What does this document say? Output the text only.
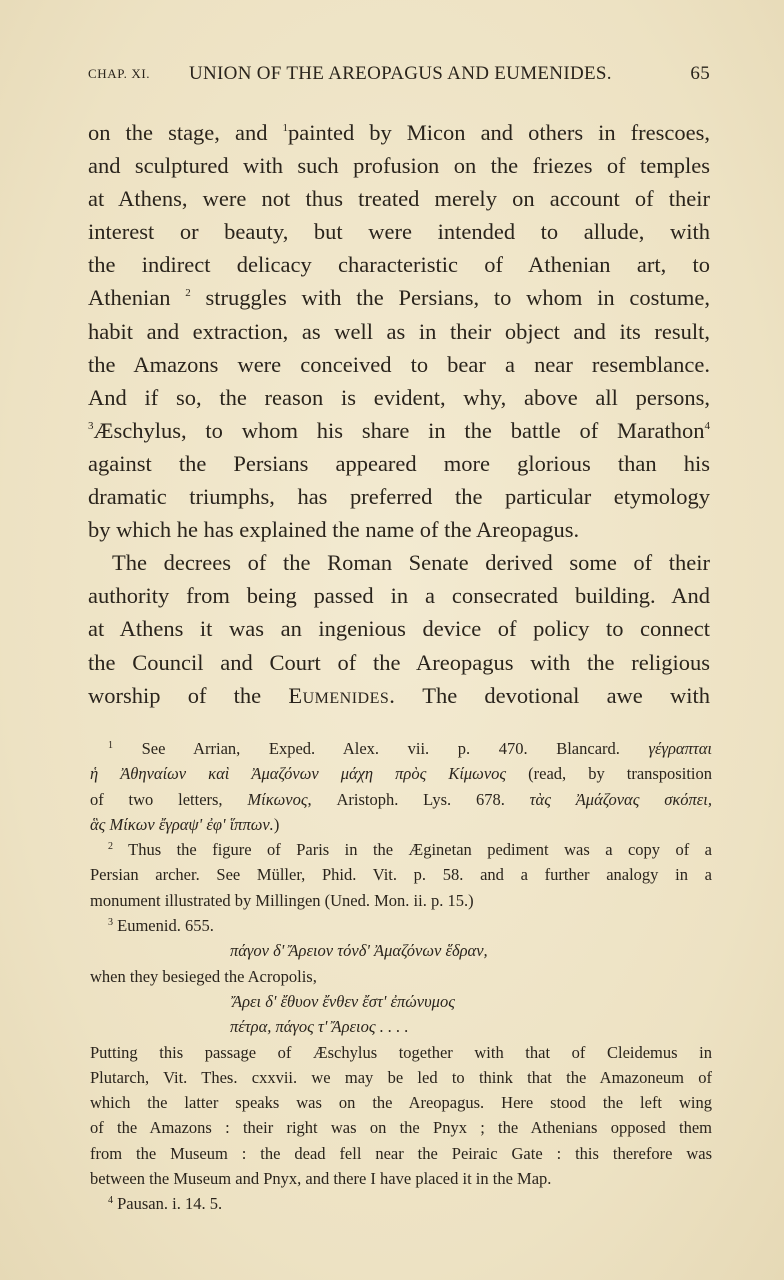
CHAP. XI. UNION OF THE AREOPAGUS AND EUMENIDES.	65
on the stage, and $^1$painted by Micon and others in frescoes,
and sculptured with such profusion on the friezes of temples
at Athens, were not thus treated merely on account of their
interest or beauty, but were intended to allude, with
the indirect delicacy characteristic of Athenian art, to
Athenian $^2$ struggles with the Persians, to whom in costume,
habit and extraction, as well as in their object and its result,
the Amazons were conceived to bear a near resemblance.
And if so, the reason is evident, why, above all persons,
$^3$Æschylus, to whom his share in the battle of Marathon$^4$
against the Persians appeared more glorious than his
dramatic triumphs, has preferred the particular etymology
by which he has explained the name of the Areopagus.
The decrees of the Roman Senate derived some of their
authority from being passed in a consecrated building. And
at Athens it was an ingenious device of policy to connect
the Council and Court of the Areopagus with the religious
worship of the Eumenides. The devotional awe with
$^1$ See Arrian, Exped. Alex. vii. p. 470. Blancard. γέγραπται
ἡ Ἀθηναίων καὶ Ἀμαζόνων μάχη πρὸς Κίμωνος (read, by transposition
of two letters, Μίκωνος, Aristoph. Lys. 678. τὰς Ἀμάζονας σκόπει,
ἃς Μίκων ἔγραψ' ἐφ' ἵππων.)
$^2$ Thus the figure of Paris in the Æginetan pediment was a copy of a
Persian archer. See Müller, Phid. Vit. p. 58. and a further analogy in a
monument illustrated by Millingen (Uned. Mon. ii. p. 15.)
$^3$ Eumenid. 655.
πάγον δ' Ἄρειον τόνδ' Ἀμαζόνων ἕδραν,
when they besieged the Acropolis,
Ἄρει δ' ἔθυον ἔνθεν ἔστ' ἐπώνυμος
πέτρα, πάγος τ' Ἄρειος . . . .
Putting this passage of Æschylus together with that of Cleidemus in
Plutarch, Vit. Thes. cxxvii. we may be led to think that the Amazoneum of
which the latter speaks was on the Areopagus. Here stood the left wing
of the Amazons : their right was on the Pnyx ; the Athenians opposed them
from the Museum : the dead fell near the Peiraic Gate : this therefore was
between the Museum and Pnyx, and there I have placed it in the Map.
$^4$ Pausan. i. 14. 5.
